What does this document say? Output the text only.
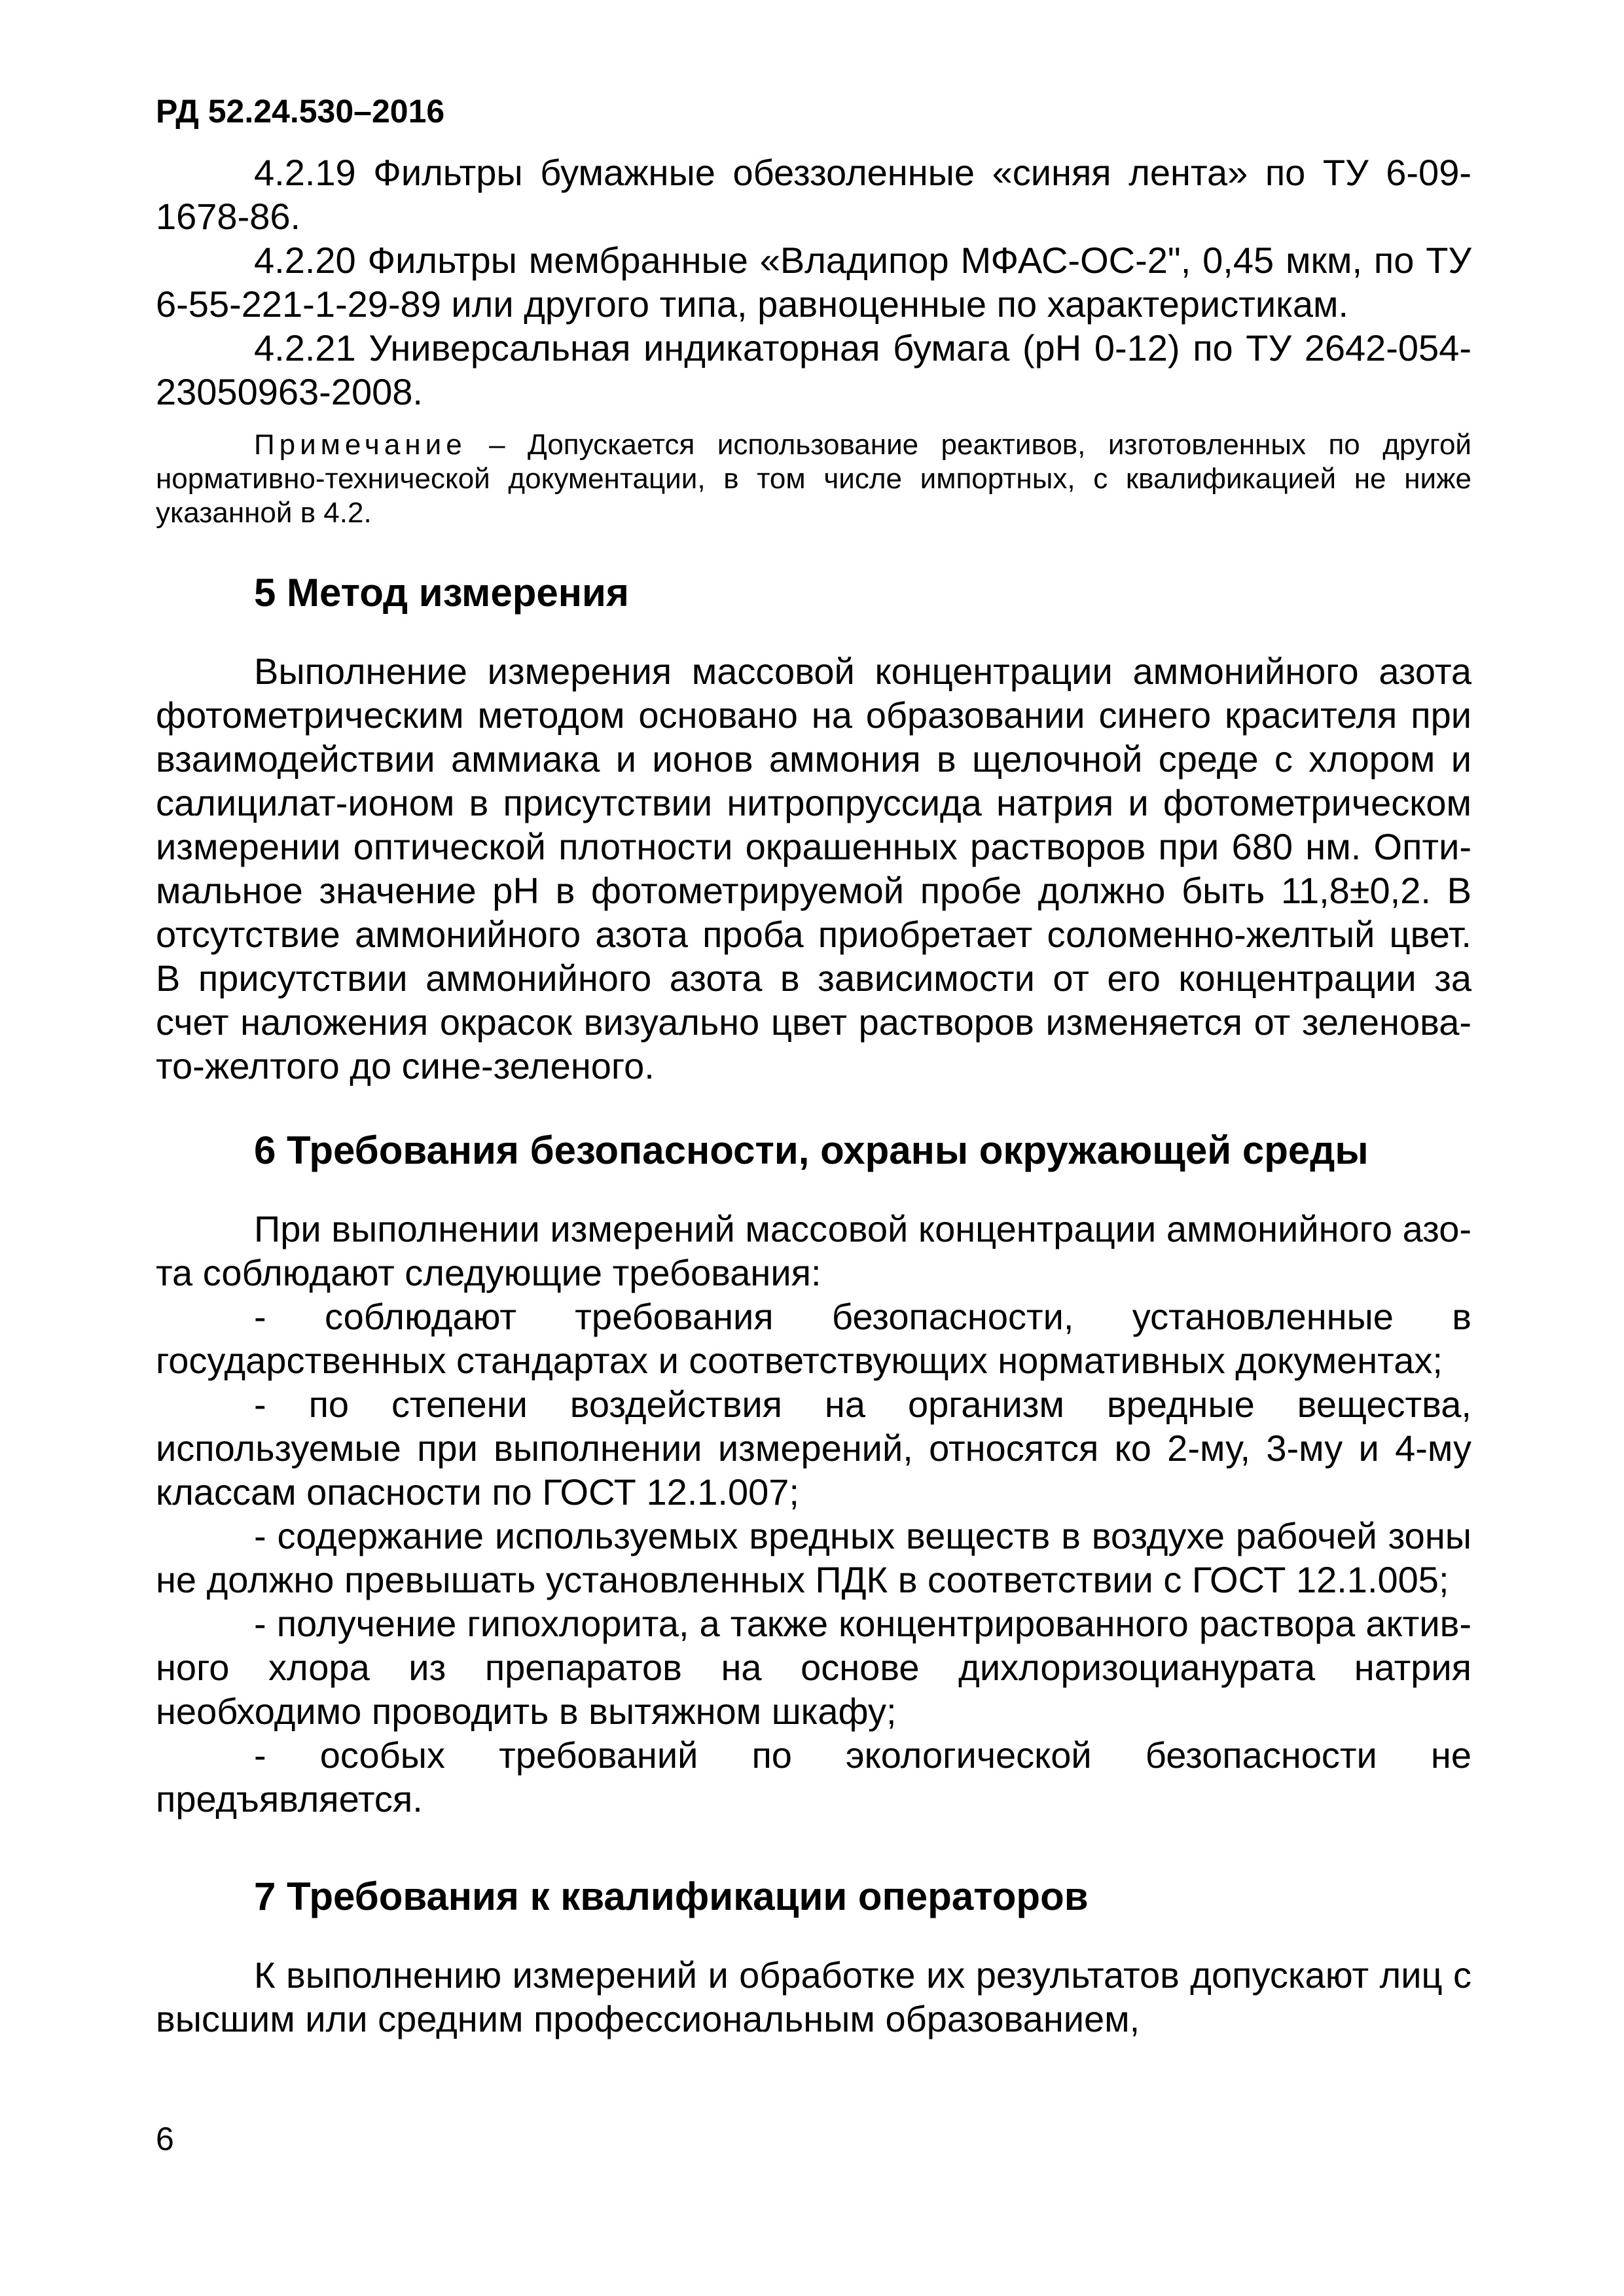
РД 52.24.530–2016

4.2.19 Фильтры бумажные обеззоленные «синяя лента» по ТУ 6-09-1678-86.

4.2.20 Фильтры мембранные «Владипор МФАС-ОС-2", 0,45 мкм, по ТУ 6-55-221-1-29-89 или другого типа, равноценные по характеристикам.

4.2.21 Универсальная индикаторная бумага (pH 0-12) по ТУ 2642-054-23050963-2008.

Примечание – Допускается использование реактивов, изготовленных по другой нормативно-технической документации, в том числе импортных, с квалификацией не ниже указанной в 4.2.

5 Метод измерения

Выполнение измерения массовой концентрации аммонийного азота фотометрическим методом основано на образовании синего красителя при взаимодействии аммиака и ионов аммония в щелочной среде с хлором и салицилат-ионом в присутствии нитропруссида натрия и фотометрическом измерении оптической плотности окрашенных растворов при 680 нм. Опти-мальное значение pH в фотометрируемой пробе должно быть 11,8±0,2. В отсутствие аммонийного азота проба приобретает соломенно-желтый цвет. В присутствии аммонийного азота в зависимости от его концентрации за счет наложения окрасок визуально цвет растворов изменяется от зеленова-то-желтого до сине-зеленого.

6 Требования безопасности, охраны окружающей среды

При выполнении измерений массовой концентрации аммонийного азо-та соблюдают следующие требования:

- соблюдают требования безопасности, установленные в государственных стандартах и соответствующих нормативных документах;

- по степени воздействия на организм вредные вещества, используемые при выполнении измерений, относятся ко 2-му, 3-му и 4-му классам опасности по ГОСТ 12.1.007;

- содержание используемых вредных веществ в воздухе рабочей зоны не должно превышать установленных ПДК в соответствии с ГОСТ 12.1.005;

- получение гипохлорита, а также концентрированного раствора актив-ного хлора из препаратов на основе дихлоризоцианурата натрия необходимо проводить в вытяжном шкафу;

- особых требований по экологической безопасности не предъявляется.

7 Требования к квалификации операторов

К выполнению измерений и обработке их результатов допускают лиц с высшим или средним профессиональным образованием,

6
